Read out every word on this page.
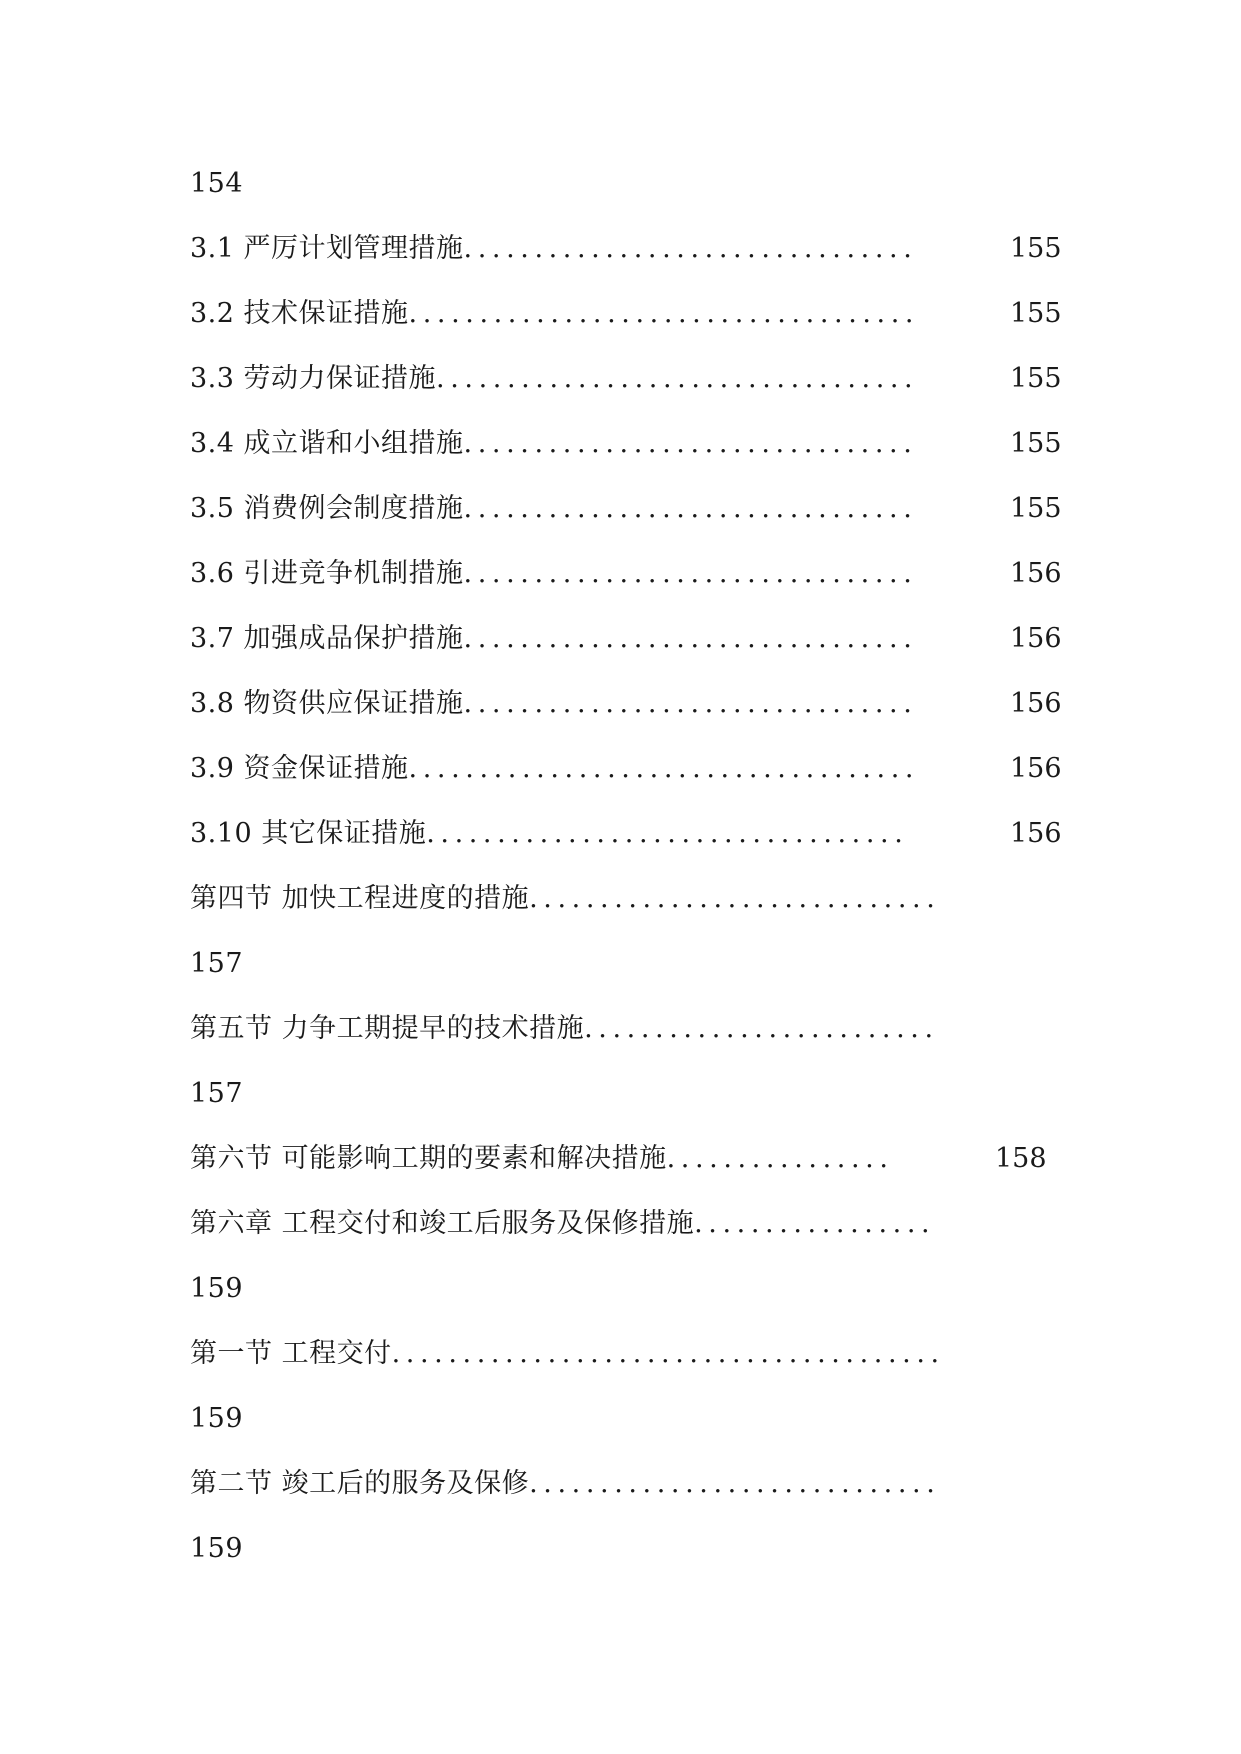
154
3.1 严厉计划管理措施................................	155
3.2 技术保证措施....................................	155
3.3 劳动力保证措施..................................	155
3.4 成立谐和小组措施................................	155
3.5 消费例会制度措施................................	155
3.6 引进竞争机制措施................................	156
3.7 加强成品保护措施................................	156
3.8 物资供应保证措施................................	156
3.9 资金保证措施....................................	156
3.10 其它保证措施..................................	156
第四节 加快工程进度的措施.............................
157
第五节 力争工期提早的技术措施.........................
157
第六节 可能影响工期的要素和解决措施................	158
第六章 工程交付和竣工后服务及保修措施.................
159
第一节 工程交付.......................................
159
第二节 竣工后的服务及保修.............................
159
